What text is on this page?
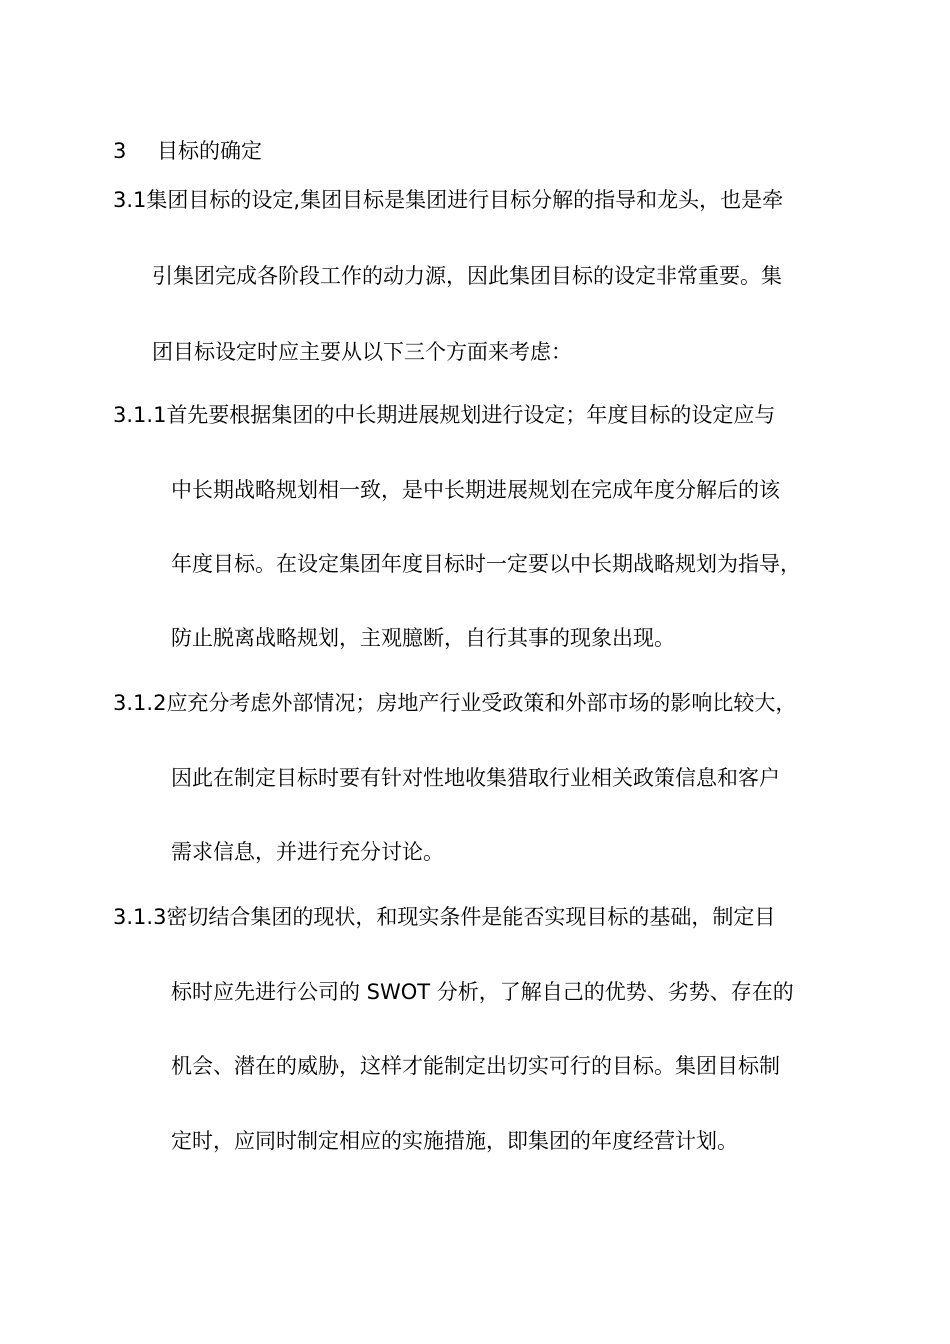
3 目标的确定
3.1集团目标的设定,集团目标是集团进行目标分解的指导和龙头，也是牵
引集团完成各阶段工作的动力源，因此集团目标的设定非常重要。集
团目标设定时应主要从以下三个方面来考虑：
3.1.1首先要根据集团的中长期进展规划进行设定；年度目标的设定应与
中长期战略规划相一致，是中长期进展规划在完成年度分解后的该
年度目标。在设定集团年度目标时一定要以中长期战略规划为指导，
防止脱离战略规划，主观臆断，自行其事的现象出现。
3.1.2应充分考虑外部情况；房地产行业受政策和外部市场的影响比较大，
因此在制定目标时要有针对性地收集猎取行业相关政策信息和客户
需求信息，并进行充分讨论。
3.1.3密切结合集团的现状，和现实条件是能否实现目标的基础，制定目
标时应先进行公司的 SWOT 分析，了解自己的优势、劣势、存在的
机会、潜在的威胁，这样才能制定出切实可行的目标。集团目标制
定时，应同时制定相应的实施措施，即集团的年度经营计划。
